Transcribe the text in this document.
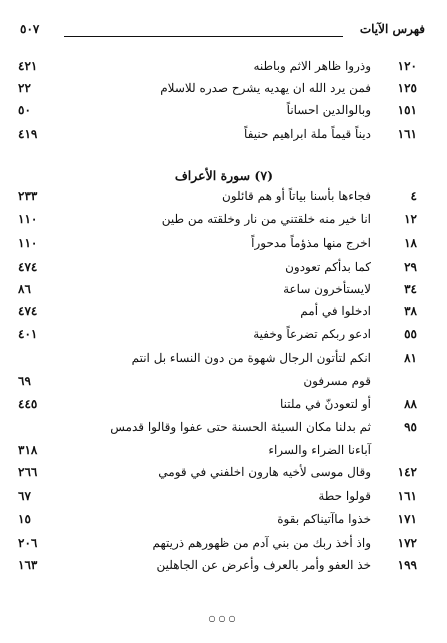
فهرس الآيات
٥٠٧
١٢٠
وذروا ظاهر الاثم وباطنه
٤٢١
١٢٥
فمن يرد الله ان يهديه يشرح صدره للاسلام
٢٢
١٥١
وبالوالدين احساناً
٥٠
١٦١
ديناً قيماً ملة ابراهيم حنيفاً
٤١٩
(٧) سورة الأعراف
٤
فجاءها بأسنا بياتاً أو هم قائلون
٢٣٣
١٢
انا خير منه خلقتني من نار وخلقته من طين
١١٠
١٨
اخرج منها مذؤماً مدحوراً
١١٠
٢٩
كما بدأكم تعودون
٤٧٤
٣٤
لايستأخرون ساعة
٨٦
٣٨
ادخلوا في أمم
٤٧٤
٥٥
ادعو ربكم تضرعاً وخفية
٤٠١
٨١
انكم لتأتون الرجال شهوة من دون النساء بل انتم
قوم مسرفون
٦٩
٨٨
أو لتعودنّ في ملتنا
٤٤٥
٩٥
ثم بدلنا مكان السيئة الحسنة حتى عفوا وقالوا قدمس
آباءنا الضراء والسراء
٣١٨
١٤٢
وقال موسى لأخيه هارون اخلفني في قومي
٢٦٦
١٦١
قولوا حطة
٦٧
١٧١
خذوا ماآتيناكم بقوة
١٥
١٧٢
واذ أخذ ربك من بني آدم من ظهورهم ذريتهم
٢٠٦
١٩٩
خذ العفو وأمر بالعرف وأعرض عن الجاهلين
١٦٣
○○○
